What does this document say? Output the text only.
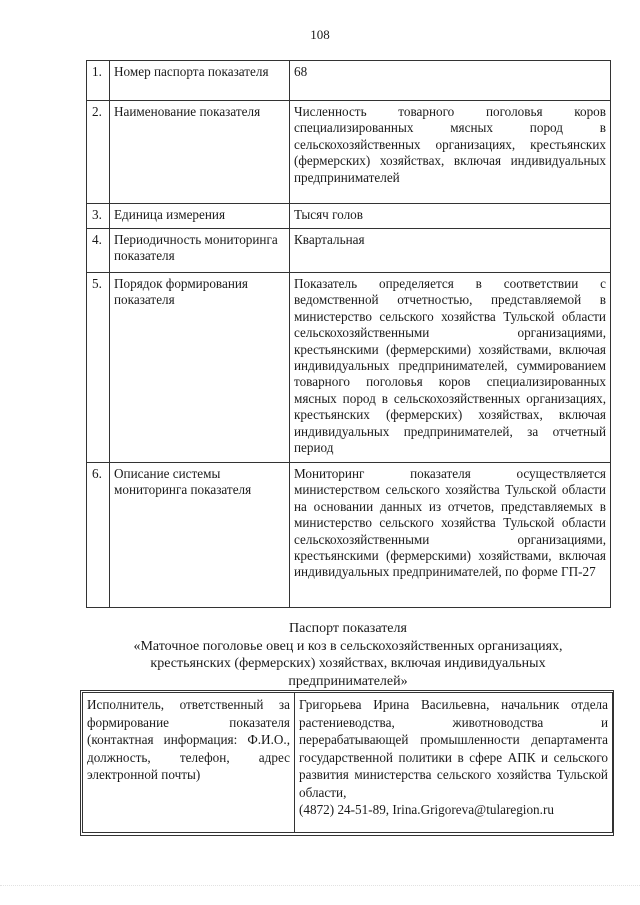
108
1.	Номер паспорта показателя	68
2.	Наименование показателя	Численность товарного поголовья коров специализированных мясных пород в сельскохозяйственных организациях, крестьянских (фермерских) хозяйствах, включая индивидуальных предпринимателей
3.	Единица измерения	Тысяч голов
4.	Периодичность мониторинга показателя	Квартальная
5.	Порядок формирования показателя	Показатель определяется в соответствии с ведомственной отчетностью, представляемой в министерство сельского хозяйства Тульской области сельскохозяйственными организациями, крестьянскими (фермерскими) хозяйствами, включая индивидуальных предпринимателей, суммированием товарного поголовья коров специализированных мясных пород в сельскохозяйственных организациях, крестьянских (фермерских) хозяйствах, включая индивидуальных предпринимателей, за отчетный период
6.	Описание системы мониторинга показателя	Мониторинг показателя осуществляется министерством сельского хозяйства Тульской области на основании данных из отчетов, представляемых в министерство сельского хозяйства Тульской области сельскохозяйственными организациями, крестьянскими (фермерскими) хозяйствами, включая индивидуальных предпринимателей, по форме ГП-27
Паспорт показателя
«Маточное поголовье овец и коз в сельскохозяйственных организациях,
крестьянских (фермерских) хозяйствах, включая индивидуальных
предпринимателей»
Исполнитель, ответственный за формирование показателя (контактная информация: Ф.И.О., должность, телефон, адрес электронной почты)	Григорьева Ирина Васильевна, начальник отдела растениеводства, животноводства и перерабатывающей промышленности департамента государственной политики в сфере АПК и сельского развития министерства сельского хозяйства Тульской области,
(4872) 24-51-89, Irina.Grigoreva@tularegion.ru
